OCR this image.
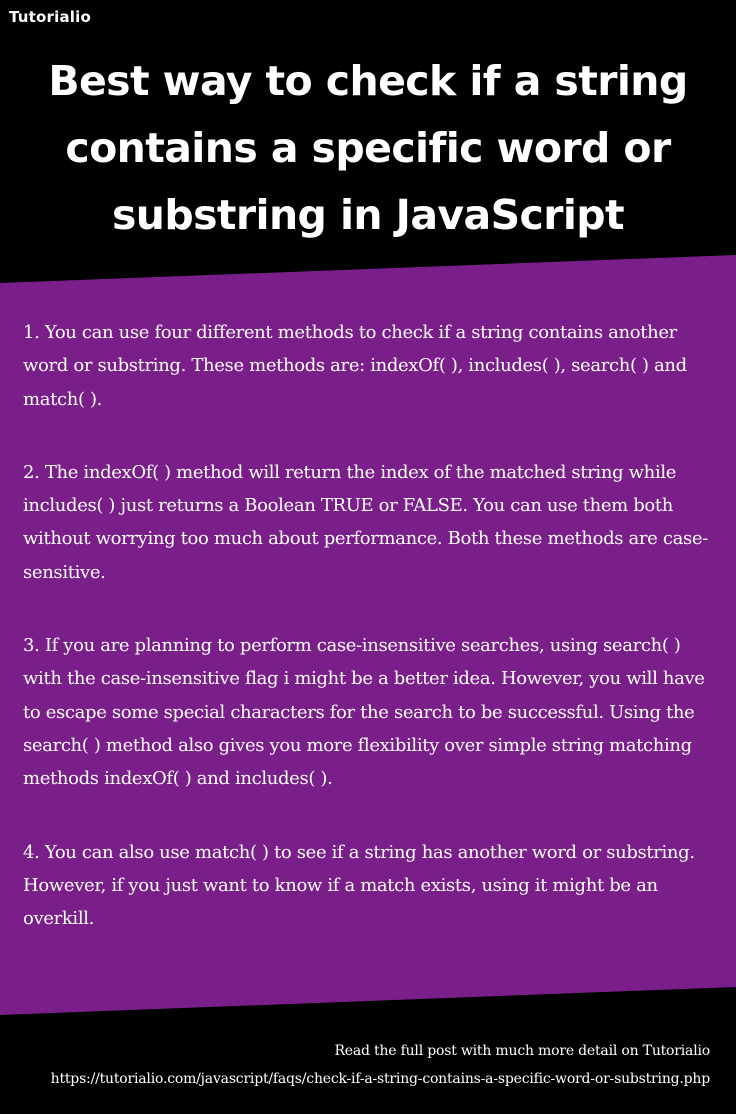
Tutorialio
Best way to check if a string contains a specific word or substring in JavaScript

1. You can use four different methods to check if a string contains another word or substring. These methods are: indexOf( ), includes( ), search( ) and match( ).

2. The indexOf( ) method will return the index of the matched string while includes( ) just returns a Boolean TRUE or FALSE. You can use them both without worrying too much about performance. Both these methods are case-sensitive.

3. If you are planning to perform case-insensitive searches, using search( ) with the case-insensitive flag i might be a better idea. However, you will have to escape some special characters for the search to be successful. Using the search( ) method also gives you more flexibility over simple string matching methods indexOf( ) and includes( ).

4. You can also use match( ) to see if a string has another word or substring. However, if you just want to know if a match exists, using it might be an overkill.

Read the full post with much more detail on Tutorialio
https://tutorialio.com/javascript/faqs/check-if-a-string-contains-a-specific-word-or-substring.php
